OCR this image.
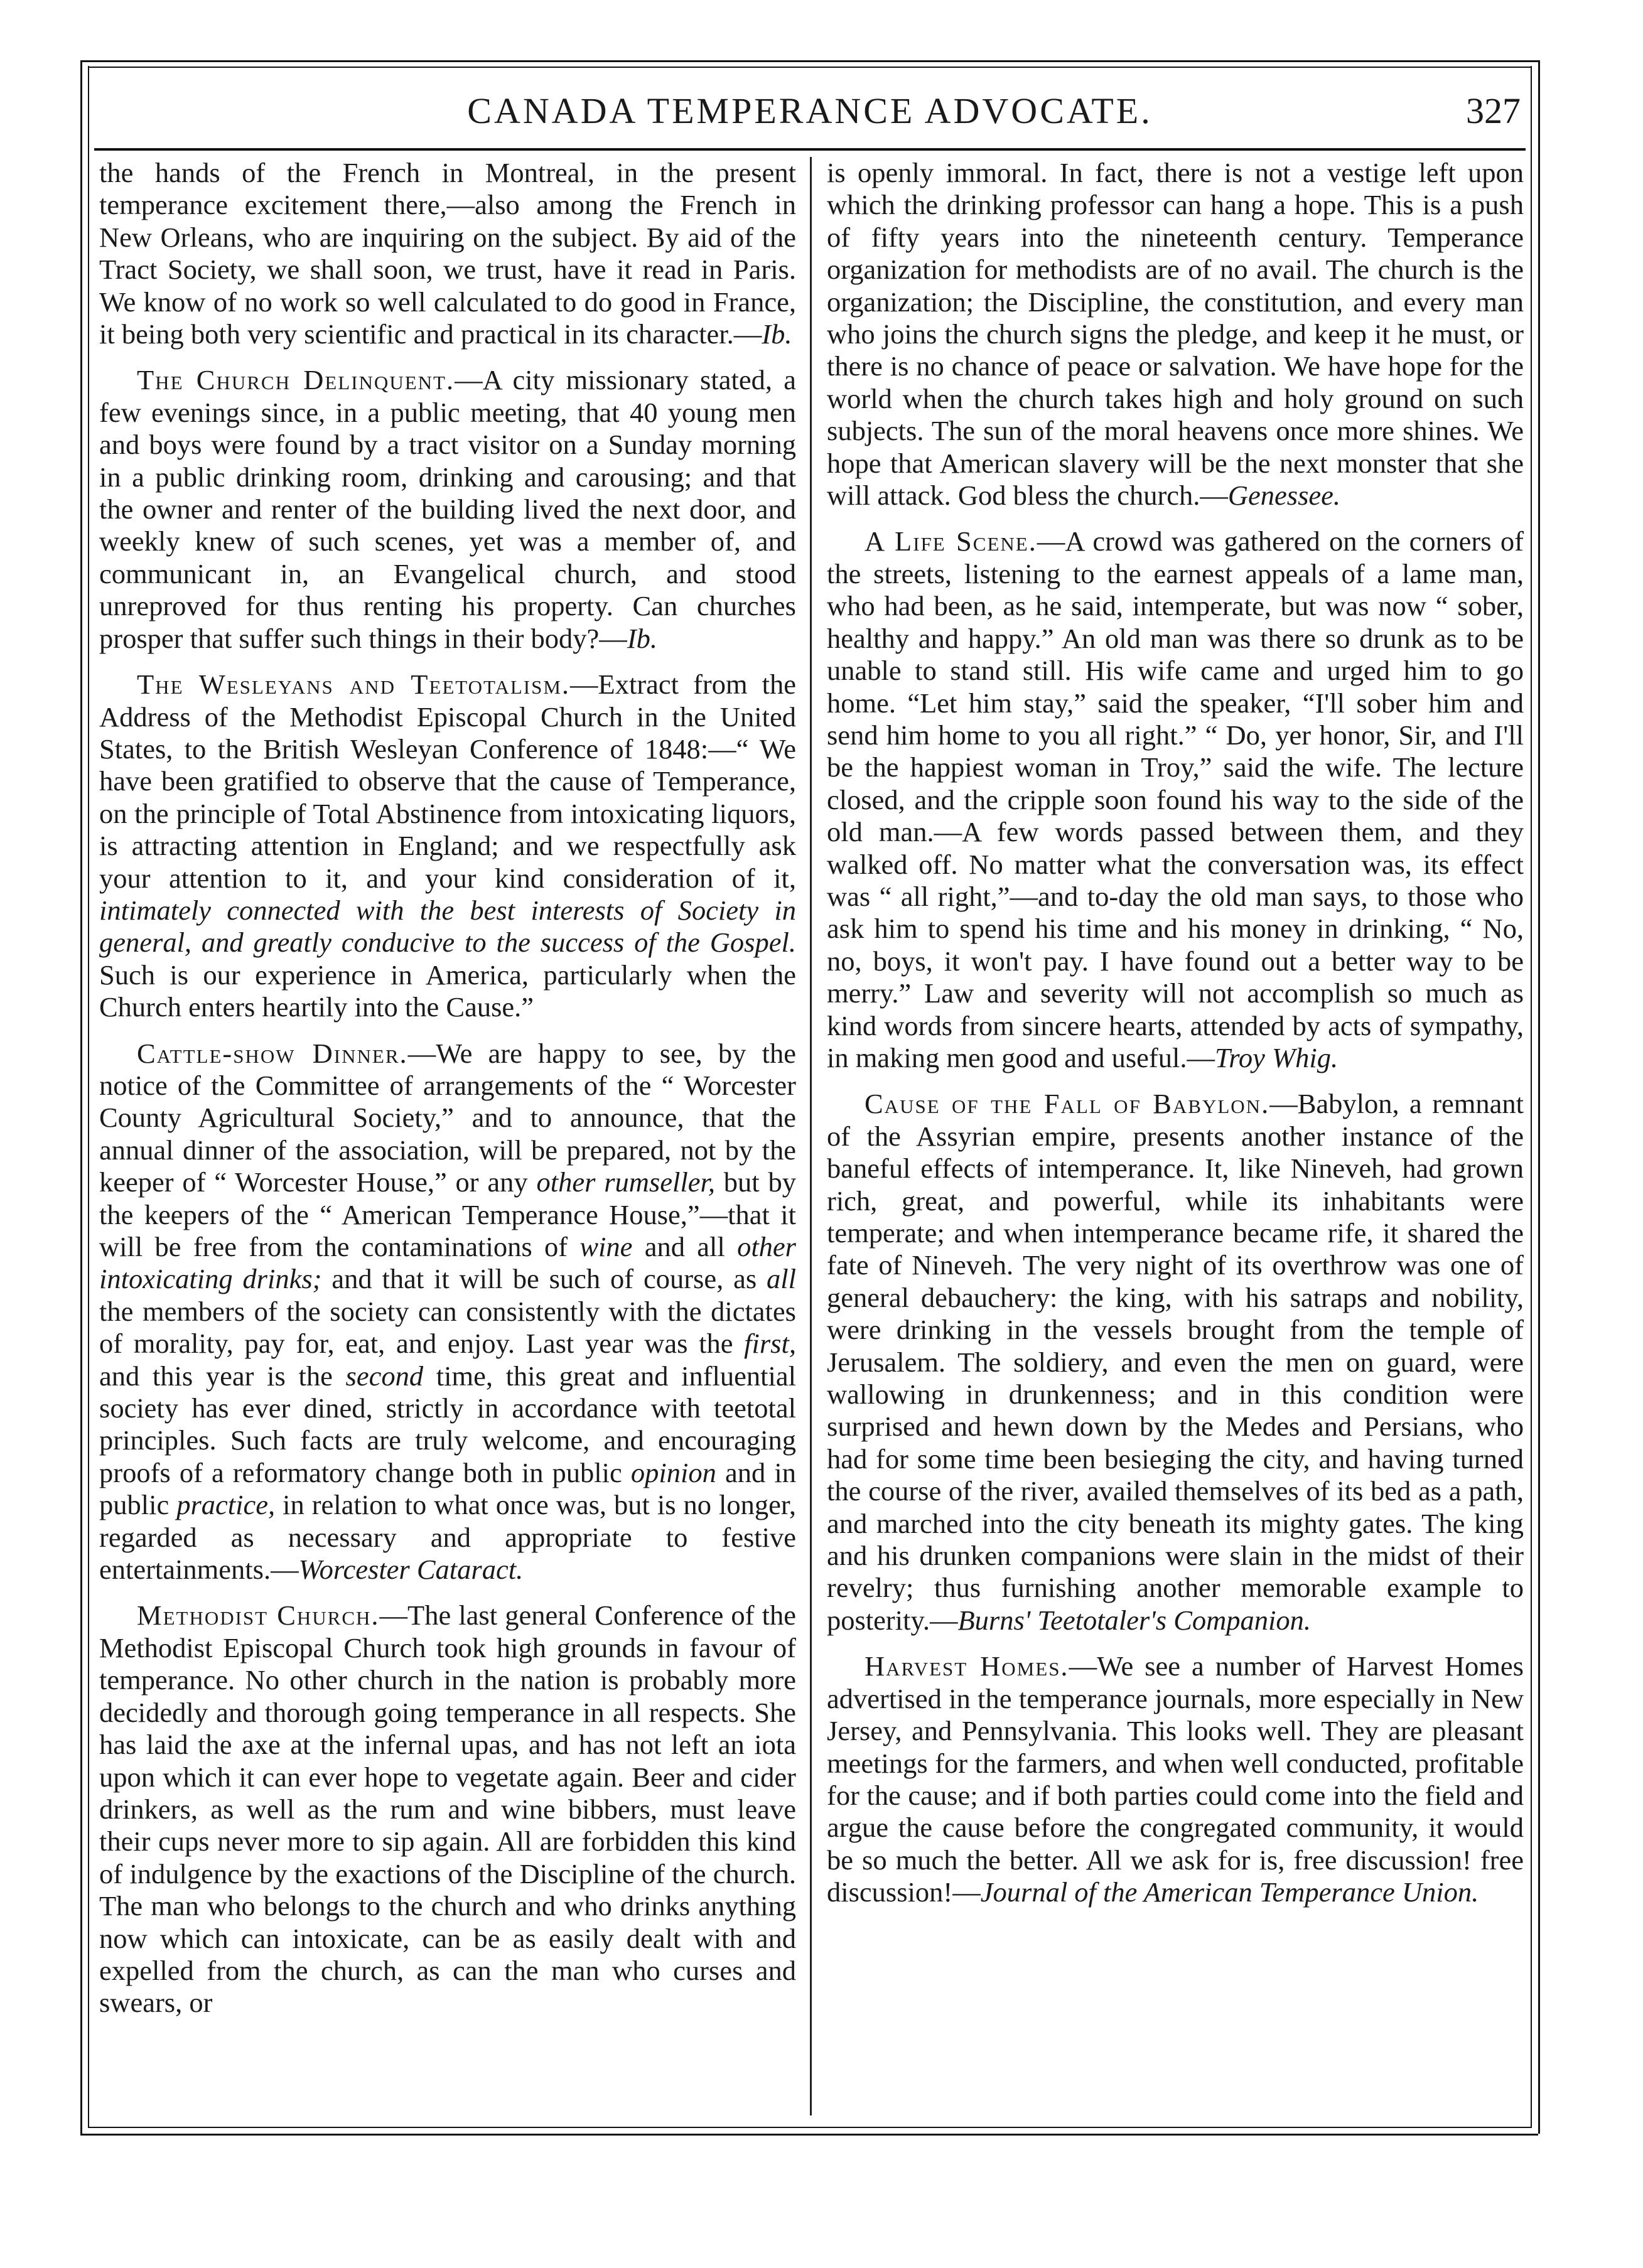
CANADA TEMPERANCE ADVOCATE.	327

the hands of the French in Montreal, in the present temperance excitement there,—also among the French in New Orleans, who are inquiring on the subject. By aid of the Tract Society, we shall soon, we trust, have it read in Paris. We know of no work so well calculated to do good in France, it being both very scientific and practical in its character.—Ib.

The Church Delinquent.—A city missionary stated, a few evenings since, in a public meeting, that 40 young men and boys were found by a tract visitor on a Sunday morning in a public drinking room, drinking and carousing; and that the owner and renter of the building lived the next door, and weekly knew of such scenes, yet was a member of, and communicant in, an Evangelical church, and stood unreproved for thus renting his property. Can churches prosper that suffer such things in their body?—Ib.

The Wesleyans and Teetotalism.—Extract from the Address of the Methodist Episcopal Church in the United States, to the British Wesleyan Conference of 1848:—“ We have been gratified to observe that the cause of Temperance, on the principle of Total Abstinence from intoxicating liquors, is attracting attention in England; and we respectfully ask your attention to it, and your kind consideration of it, intimately connected with the best interests of Society in general, and greatly conducive to the success of the Gospel. Such is our experience in America, particularly when the Church enters heartily into the Cause.”

Cattle-show Dinner.—We are happy to see, by the notice of the Committee of arrangements of the “ Worcester County Agricultural Society,” and to announce, that the annual dinner of the association, will be prepared, not by the keeper of “ Worcester House,” or any other rumseller, but by the keepers of the “ American Temperance House,”—that it will be free from the contaminations of wine and all other intoxicating drinks; and that it will be such of course, as all the members of the society can consistently with the dictates of morality, pay for, eat, and enjoy. Last year was the first, and this year is the second time, this great and influential society has ever dined, strictly in accordance with teetotal principles. Such facts are truly welcome, and encouraging proofs of a reformatory change both in public opinion and in public practice, in relation to what once was, but is no longer, regarded as necessary and appropriate to festive entertainments.—Worcester Cataract.

Methodist Church.—The last general Conference of the Methodist Episcopal Church took high grounds in favour of temperance. No other church in the nation is probably more decidedly and thorough going temperance in all respects. She has laid the axe at the infernal upas, and has not left an iota upon which it can ever hope to vegetate again. Beer and cider drinkers, as well as the rum and wine bibbers, must leave their cups never more to sip again. All are forbidden this kind of indulgence by the exactions of the Discipline of the church. The man who belongs to the church and who drinks anything now which can intoxicate, can be as easily dealt with and expelled from the church, as can the man who curses and swears, or

is openly immoral. In fact, there is not a vestige left upon which the drinking professor can hang a hope. This is a push of fifty years into the nineteenth century. Temperance organization for methodists are of no avail. The church is the organization; the Discipline, the constitution, and every man who joins the church signs the pledge, and keep it he must, or there is no chance of peace or salvation. We have hope for the world when the church takes high and holy ground on such subjects. The sun of the moral heavens once more shines. We hope that American slavery will be the next monster that she will attack. God bless the church.—Genessee.

A Life Scene.—A crowd was gathered on the corners of the streets, listening to the earnest appeals of a lame man, who had been, as he said, intemperate, but was now “ sober, healthy and happy.” An old man was there so drunk as to be unable to stand still. His wife came and urged him to go home. “Let him stay,” said the speaker, “I'll sober him and send him home to you all right.” “ Do, yer honor, Sir, and I'll be the happiest woman in Troy,” said the wife. The lecture closed, and the cripple soon found his way to the side of the old man.—A few words passed between them, and they walked off. No matter what the conversation was, its effect was “ all right,”—and to-day the old man says, to those who ask him to spend his time and his money in drinking, “ No, no, boys, it won't pay. I have found out a better way to be merry.” Law and severity will not accomplish so much as kind words from sincere hearts, attended by acts of sympathy, in making men good and useful.—Troy Whig.

Cause of the Fall of Babylon.—Babylon, a remnant of the Assyrian empire, presents another instance of the baneful effects of intemperance. It, like Nineveh, had grown rich, great, and powerful, while its inhabitants were temperate; and when intemperance became rife, it shared the fate of Nineveh. The very night of its overthrow was one of general debauchery: the king, with his satraps and nobility, were drinking in the vessels brought from the temple of Jerusalem. The soldiery, and even the men on guard, were wallowing in drunkenness; and in this condition were surprised and hewn down by the Medes and Persians, who had for some time been besieging the city, and having turned the course of the river, availed themselves of its bed as a path, and marched into the city beneath its mighty gates. The king and his drunken companions were slain in the midst of their revelry; thus furnishing another memorable example to posterity.—Burns' Teetotaler's Companion.

Harvest Homes.—We see a number of Harvest Homes advertised in the temperance journals, more especially in New Jersey, and Pennsylvania. This looks well. They are pleasant meetings for the farmers, and when well conducted, profitable for the cause; and if both parties could come into the field and argue the cause before the congregated community, it would be so much the better. All we ask for is, free discussion! free discussion!—Journal of the American Temperance Union.
